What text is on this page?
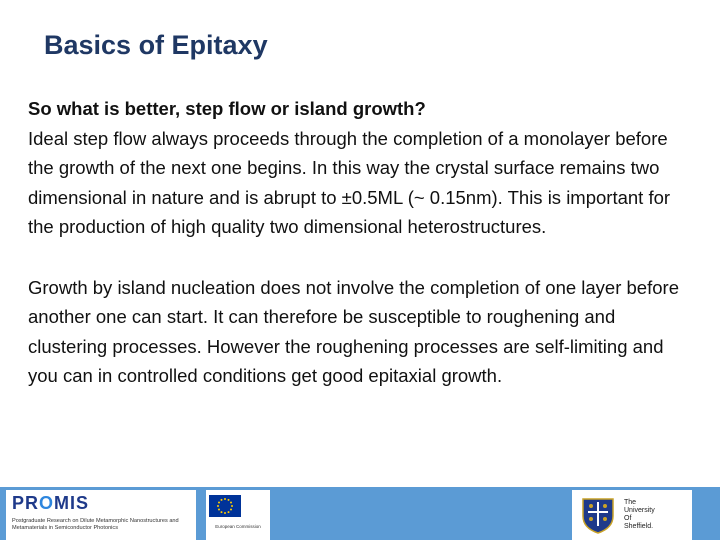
Basics of Epitaxy

So what is better, step flow or island growth?

Ideal step flow always proceeds through the completion of a monolayer before the growth of the next one begins. In this way the crystal surface remains two dimensional in nature and is abrupt to ±0.5ML (~ 0.15nm). This is important for the production of high quality two dimensional heterostructures.

Growth by island nucleation does not involve the completion of one layer before another one can start. It can therefore be susceptible to roughening and clustering processes. However the roughening processes are self-limiting and you can in controlled conditions get good epitaxial growth.

PROMIS
Postgraduate Research on Dilute Metamorphic Nanostructures and Metamaterials in Semiconductor Photonics	European Commission
The
University
Of
Sheffield.
